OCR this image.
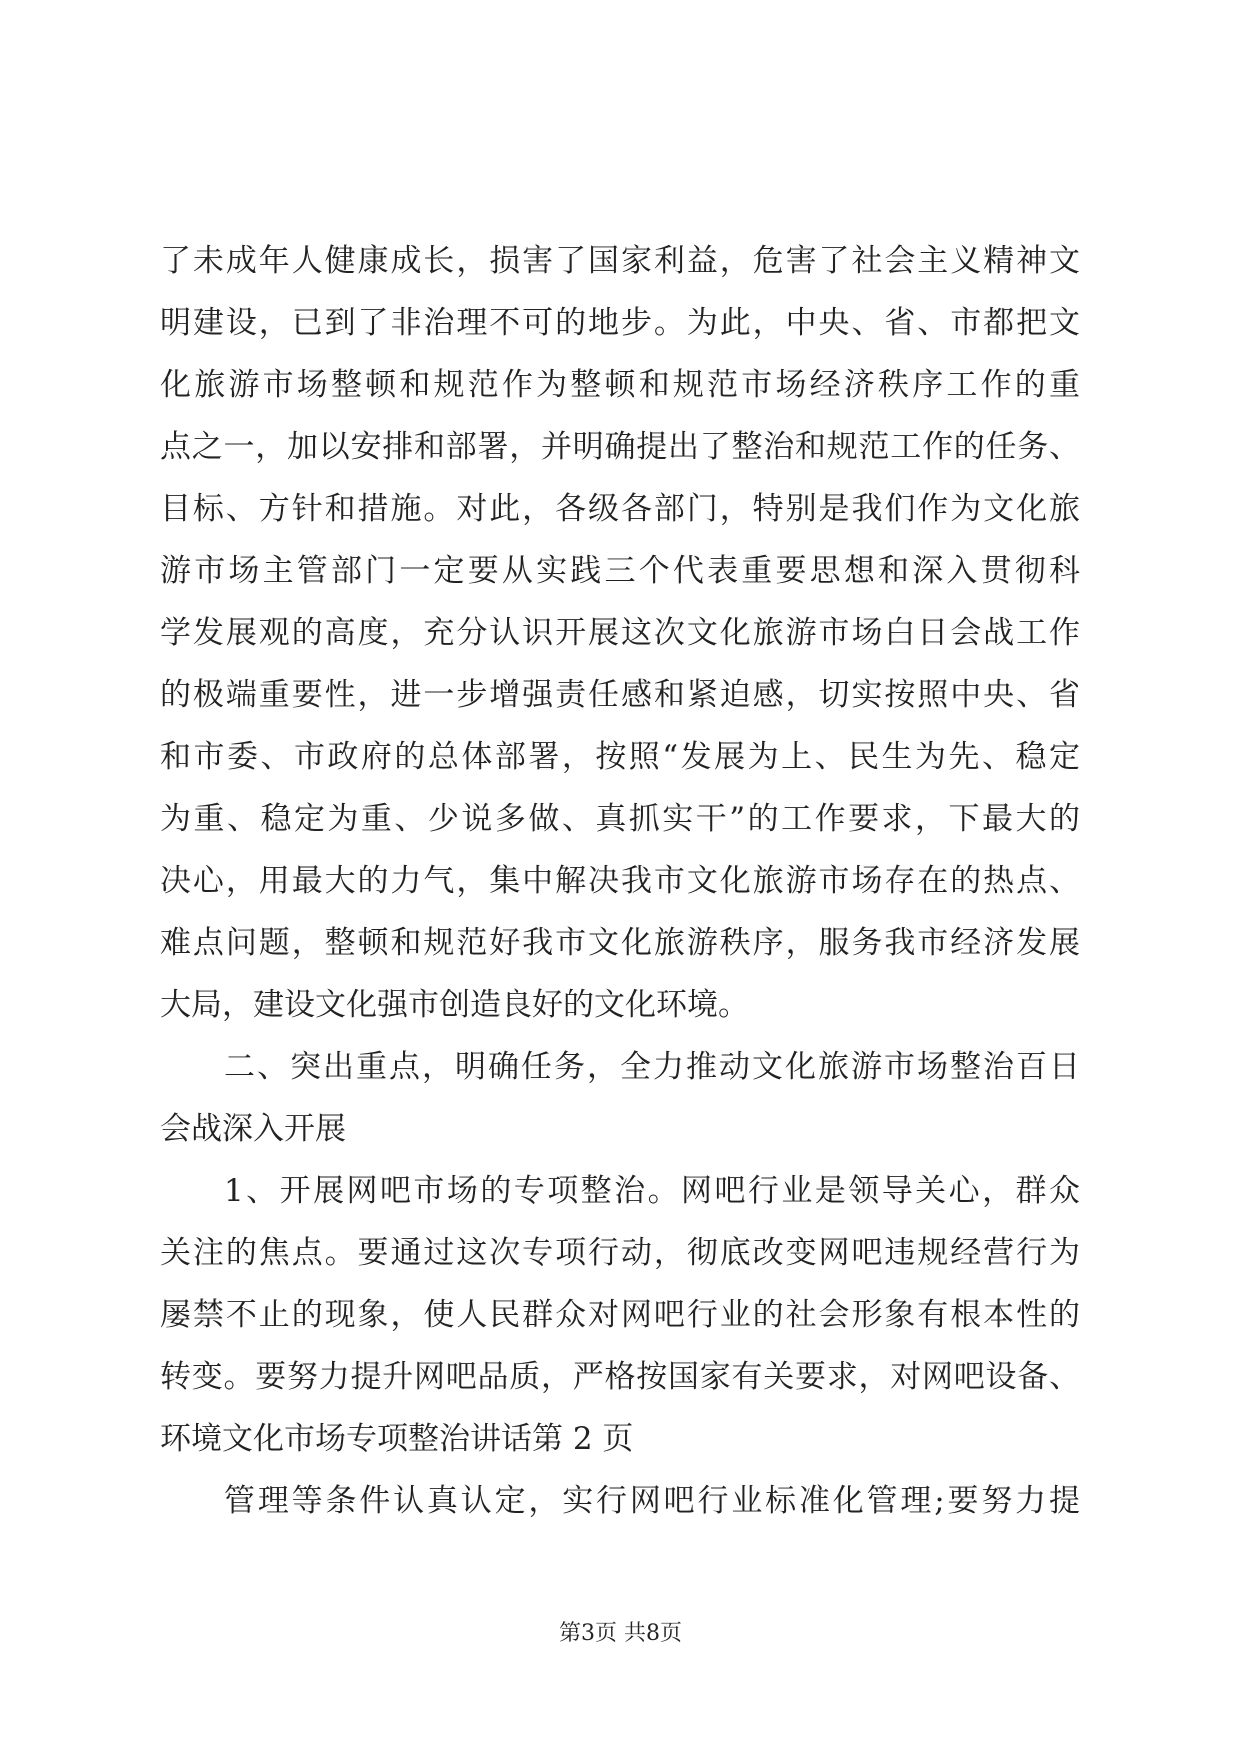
了未成年人健康成长，损害了国家利益，危害了社会主义精神文
明建设，已到了非治理不可的地步。为此，中央、省、市都把文
化旅游市场整顿和规范作为整顿和规范市场经济秩序工作的重
点之一，加以安排和部署，并明确提出了整治和规范工作的任务、
目标、方针和措施。对此，各级各部门，特别是我们作为文化旅
游市场主管部门一定要从实践三个代表重要思想和深入贯彻科
学发展观的高度，充分认识开展这次文化旅游市场白日会战工作
的极端重要性，进一步增强责任感和紧迫感，切实按照中央、省
和市委、市政府的总体部署，按照“发展为上、民生为先、稳定
为重、稳定为重、少说多做、真抓实干”的工作要求，下最大的
决心，用最大的力气，集中解决我市文化旅游市场存在的热点、
难点问题，整顿和规范好我市文化旅游秩序，服务我市经济发展
大局，建设文化强市创造良好的文化环境。
二、突出重点，明确任务，全力推动文化旅游市场整治百日
会战深入开展
1、开展网吧市场的专项整治。网吧行业是领导关心，群众
关注的焦点。要通过这次专项行动，彻底改变网吧违规经营行为
屡禁不止的现象，使人民群众对网吧行业的社会形象有根本性的
转变。要努力提升网吧品质，严格按国家有关要求，对网吧设备、
环境文化市场专项整治讲话第 2 页
管理等条件认真认定，实行网吧行业标准化管理;要努力提
第3页 共8页
